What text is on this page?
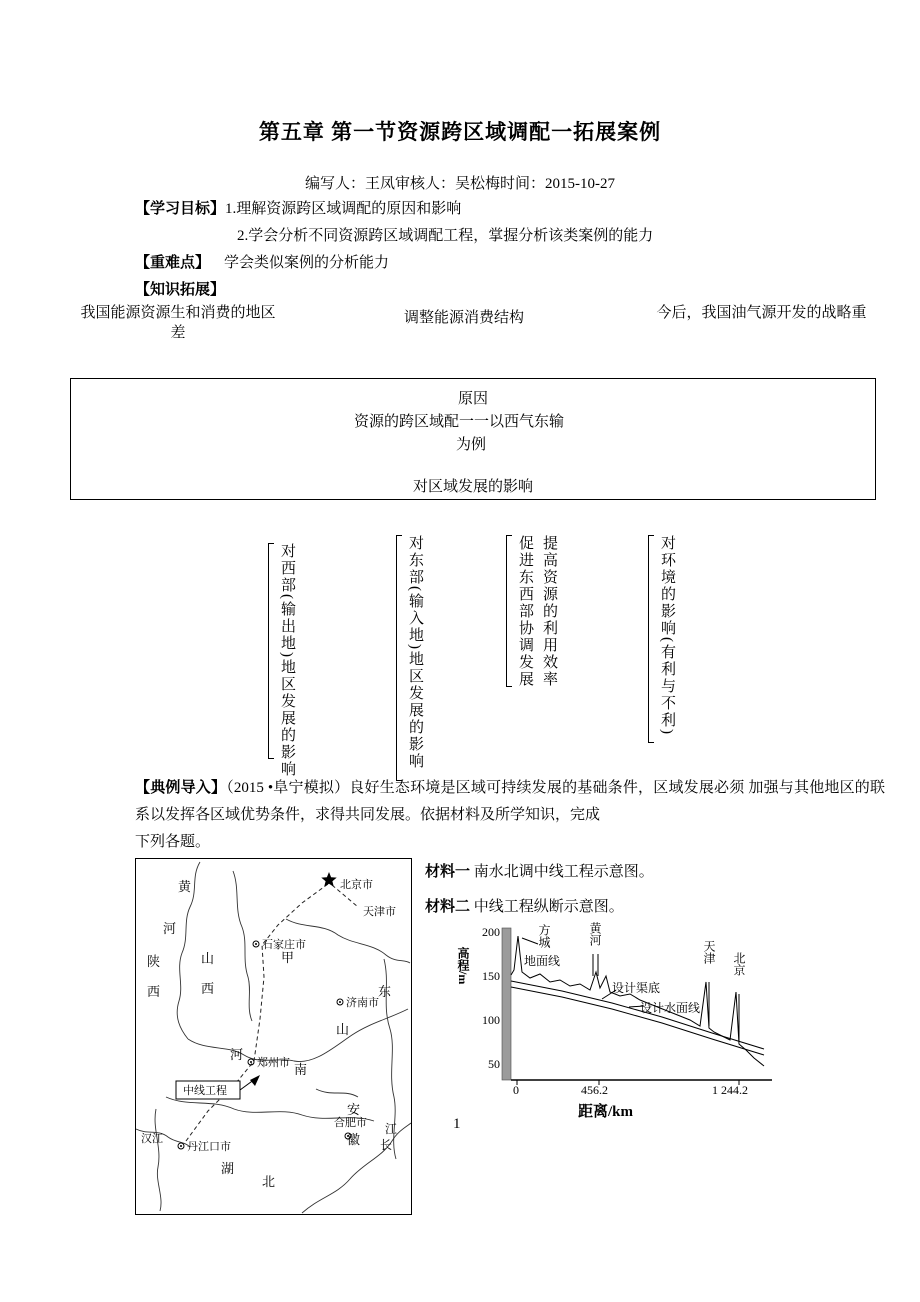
第五章 第一节资源跨区域调配一拓展案例
编写人：王凤审核人：吴松梅时间：2015-10-27
【学习目标】1.理解资源跨区域调配的原因和影响
2.学会分析不同资源跨区域调配工程，掌握分析该类案例的能力
【重难点】 学会类似案例的分析能力
【知识拓展】
我国能源资源生和消费的地区差
调整能源消费结构	今后，我国油气源开发的战略重
原因
资源的跨区域配一一以西气东输
为例
对区域发展的影响
对西部(输出地)地区发展的影响	对东部(输入地)地区发展的影响	促进东西部协调发展 提高资源的利用效率	对环境的影响(有利与不利)
【典例导入】（2015 •阜宁模拟）良好生态环境是区域可持续发展的基础条件，区域发展必须 加强与其他地区的联系以发挥各区域优势条件，求得共同发展。依据材料及所学知识，完成
下列各题。
中线工程
北京市
天津市
石家庄市
济南市
郑州市
合肥市
丹江口市
甲
陕
西
山
西	东
山
河
南
安
徽
湖
北
黄
河
汉江
江
长
材料一 南水北调中线工程示意图。
材料二 中线工程纵断示意图。
200
150
100
50
高程/m
方城
地面线
黄河
设计渠底
设计水面线
天津 北京
0	456.2	1 244.2
距离/km
1
